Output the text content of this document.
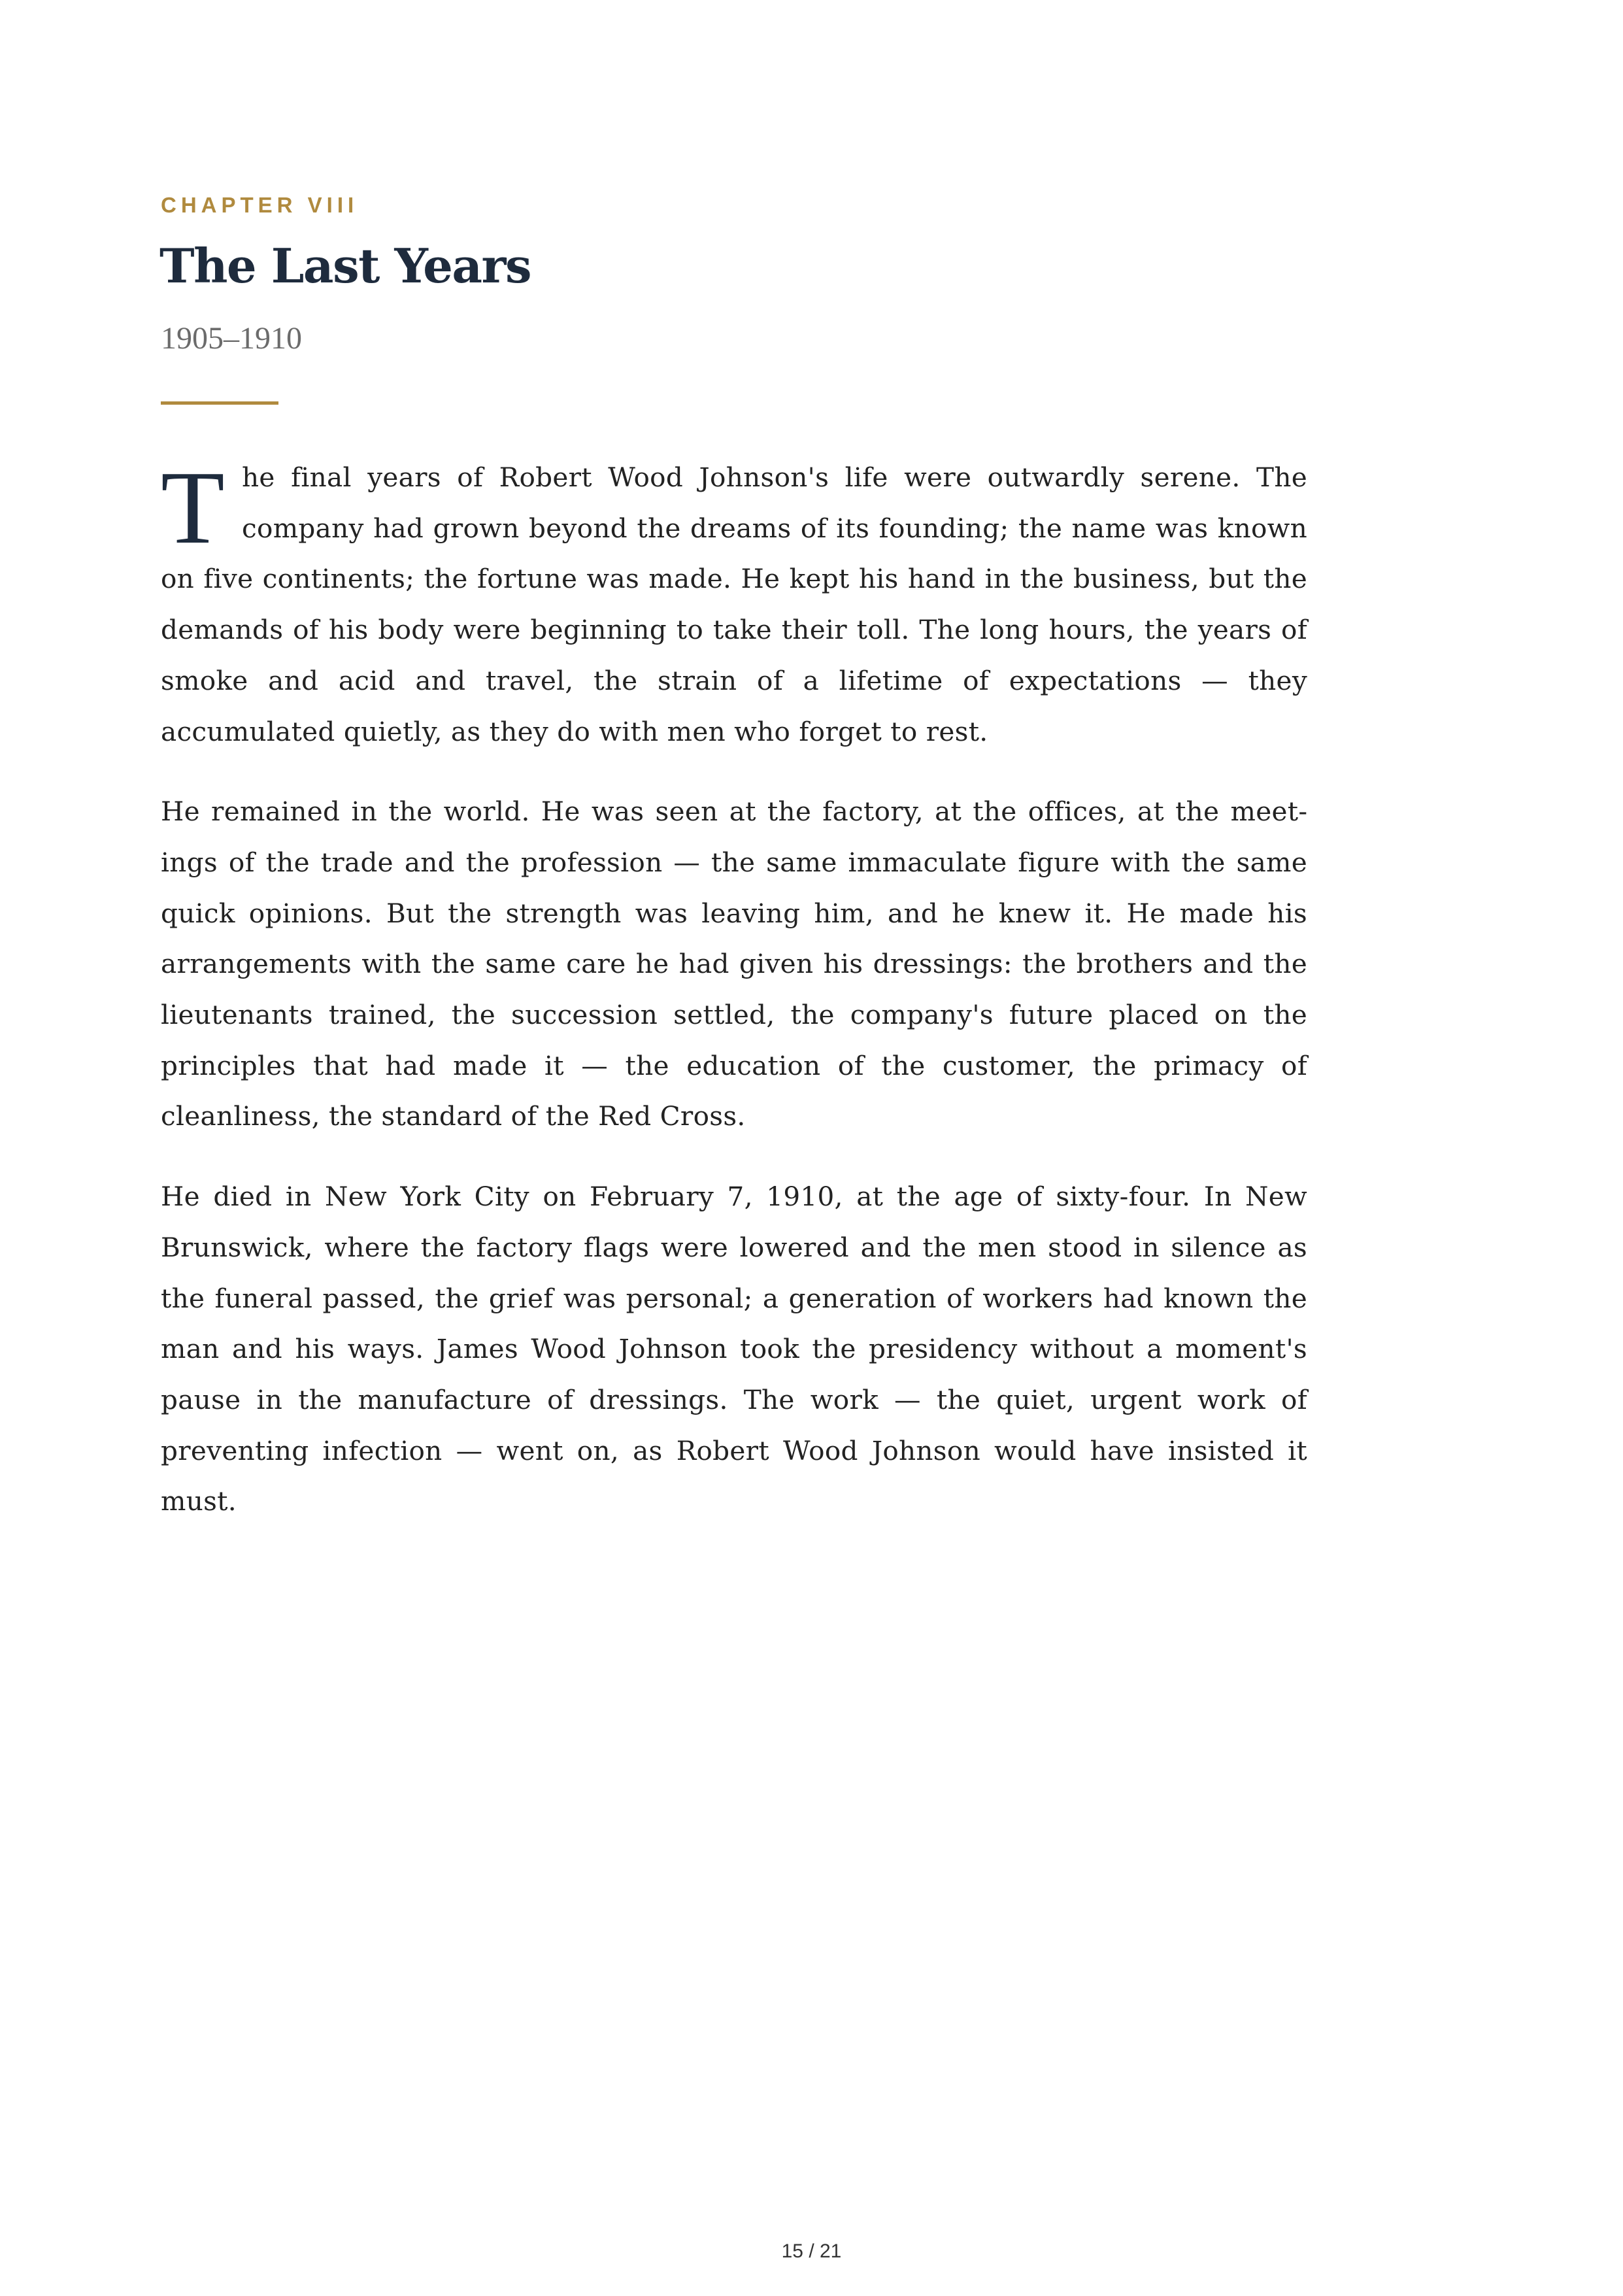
CHAPTER VIII
The Last Years
1905–1910

The final years of Robert Wood Johnson's life were outwardly serene. The company had grown beyond the dreams of its founding; the name was known on five continents; the fortune was made. He kept his hand in the business, but the demands of his body were beginning to take their toll. The long hours, the years of smoke and acid and travel, the strain of a lifetime of expectations — they accumulated quietly, as they do with men who forget to rest.

He remained in the world. He was seen at the factory, at the offices, at the meetings of the trade and the profession — the same immaculate figure with the same quick opinions. But the strength was leaving him, and he knew it. He made his arrangements with the same care he had given his dressings: the brothers and the lieutenants trained, the succession settled, the company's future placed on the principles that had made it — the education of the customer, the primacy of cleanliness, the standard of the Red Cross.

He died in New York City on February 7, 1910, at the age of sixty-four. In New Brunswick, where the factory flags were lowered and the men stood in silence as the funeral passed, the grief was personal; a generation of workers had known the man and his ways. James Wood Johnson took the presidency without a moment's pause in the manufacture of dressings. The work — the quiet, urgent work of preventing infection — went on, as Robert Wood Johnson would have insisted it must.

15 / 21
